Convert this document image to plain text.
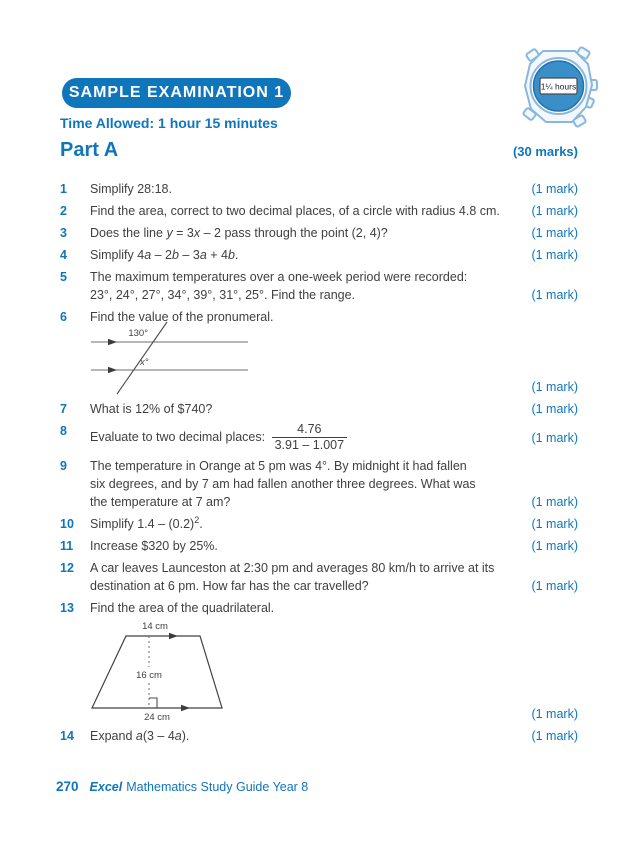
SAMPLE EXAMINATION 1	1¼ hours
Time Allowed: 1 hour 15 minutes
Part A	(30 marks)
1	Simplify 28:18.	(1 mark)
2	Find the area, correct to two decimal places, of a circle with radius 4.8 cm.	(1 mark)
3	Does the line y = 3x – 2 pass through the point (2, 4)?	(1 mark)
4	Simplify 4a – 2b – 3a + 4b.	(1 mark)
5	The maximum temperatures over a one-week period were recorded:
23°, 24°, 27°, 34°, 39°, 31°, 25°. Find the range.	(1 mark)
6	Find the value of the pronumeral.
130°
x°
(1 mark)
7	What is 12% of $740?	(1 mark)
8	Evaluate to two decimal places: $\frac{4.76}{3.91 - 1.007}$	(1 mark)
9	The temperature in Orange at 5 pm was 4°. By midnight it had fallen
six degrees, and by 7 am had fallen another three degrees. What was
the temperature at 7 am?	(1 mark)
10	Simplify $1.4 - (0.2)^2$.	(1 mark)
11	Increase $320 by 25%.	(1 mark)
12	A car leaves Launceston at 2:30 pm and averages 80 km/h to arrive at its
destination at 6 pm. How far has the car travelled?	(1 mark)
13	Find the area of the quadrilateral.
14 cm
16 cm
24 cm	(1 mark)
14	Expand a(3 – 4a).	(1 mark)
270 Excel Mathematics Study Guide Year 8
